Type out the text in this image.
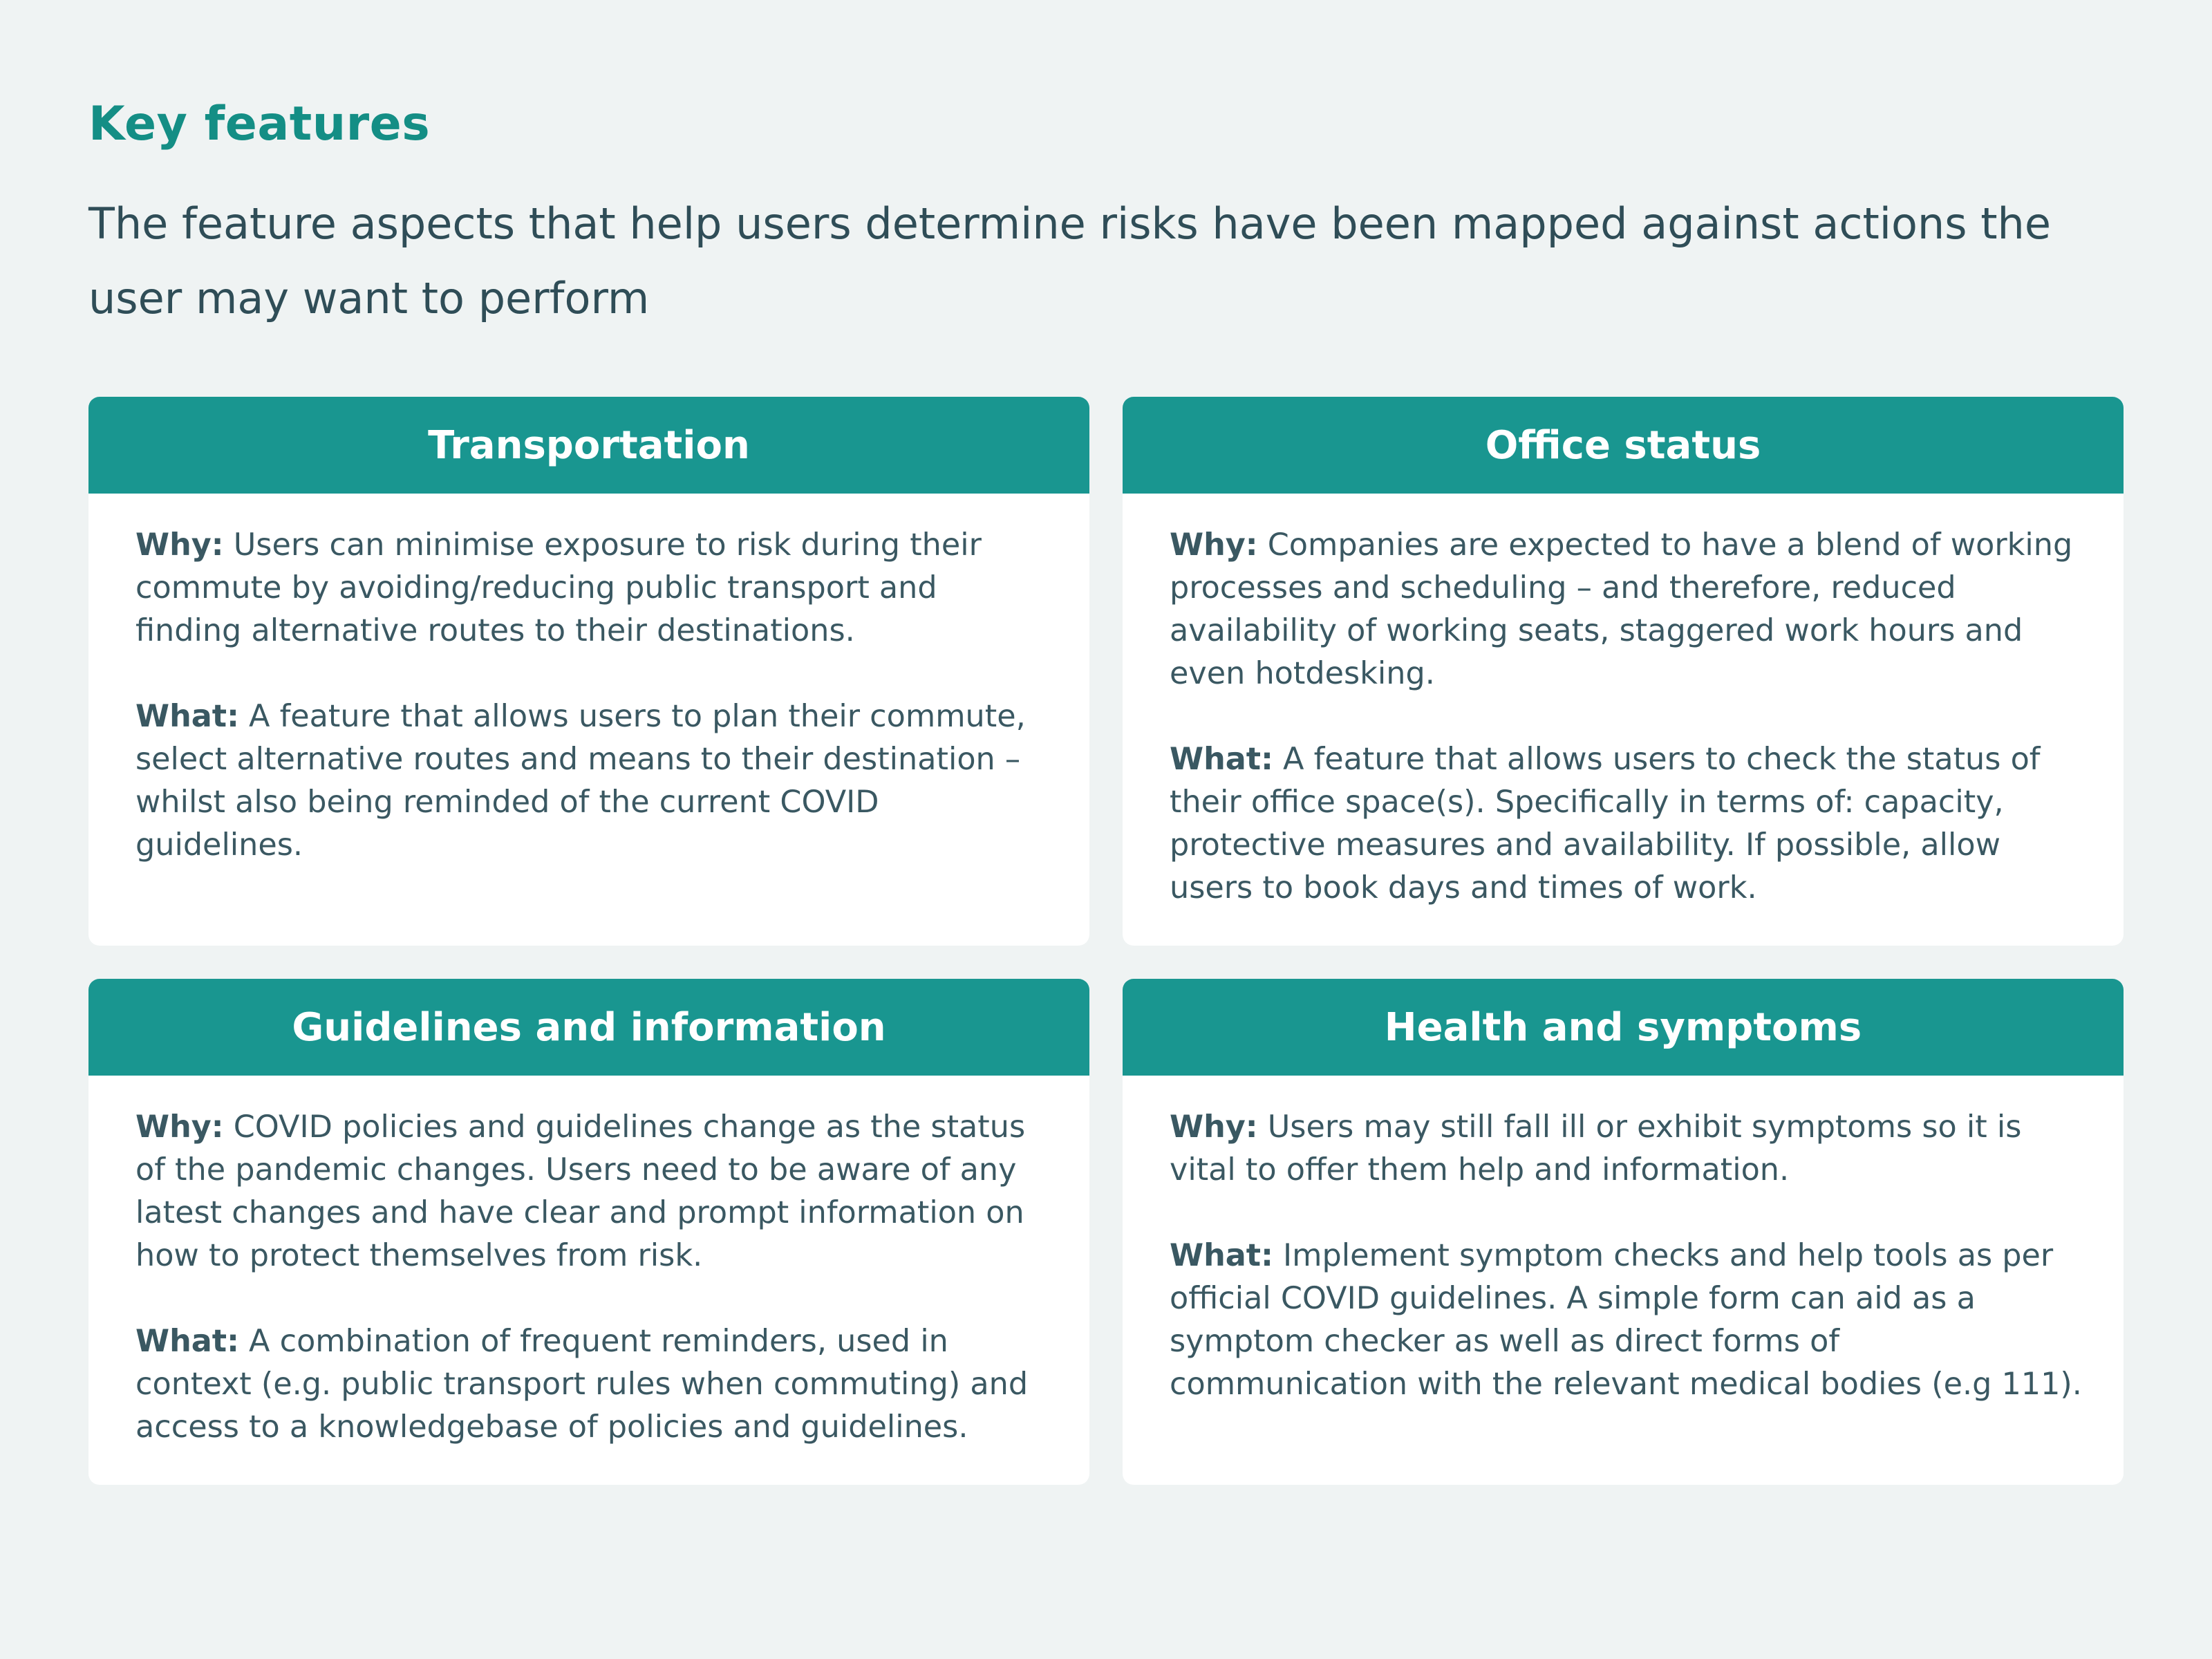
Key features
The feature aspects that help users determine risks have been mapped against actions the user may want to perform
Transportation

Why: Users can minimise exposure to risk during their commute by avoiding/reducing public transport and finding alternative routes to their destinations.

What: A feature that allows users to plan their commute, select alternative routes and means to their destination – whilst also being reminded of the current COVID guidelines.

Office status

Why: Companies are expected to have a blend of working processes and scheduling – and therefore, reduced availability of working seats, staggered work hours and even hotdesking.

What: A feature that allows users to check the status of their office space(s). Specifically in terms of: capacity, protective measures and availability. If possible, allow users to book days and times of work.

Guidelines and information

Why: COVID policies and guidelines change as the status of the pandemic changes. Users need to be aware of any latest changes and have clear and prompt information on how to protect themselves from risk.

What: A combination of frequent reminders, used in context (e.g. public transport rules when commuting) and access to a knowledgebase of policies and guidelines.

Health and symptoms

Why: Users may still fall ill or exhibit symptoms so it is vital to offer them help and information.

What: Implement symptom checks and help tools as per official COVID guidelines. A simple form can aid as a symptom checker as well as direct forms of communication with the relevant medical bodies (e.g 111).
